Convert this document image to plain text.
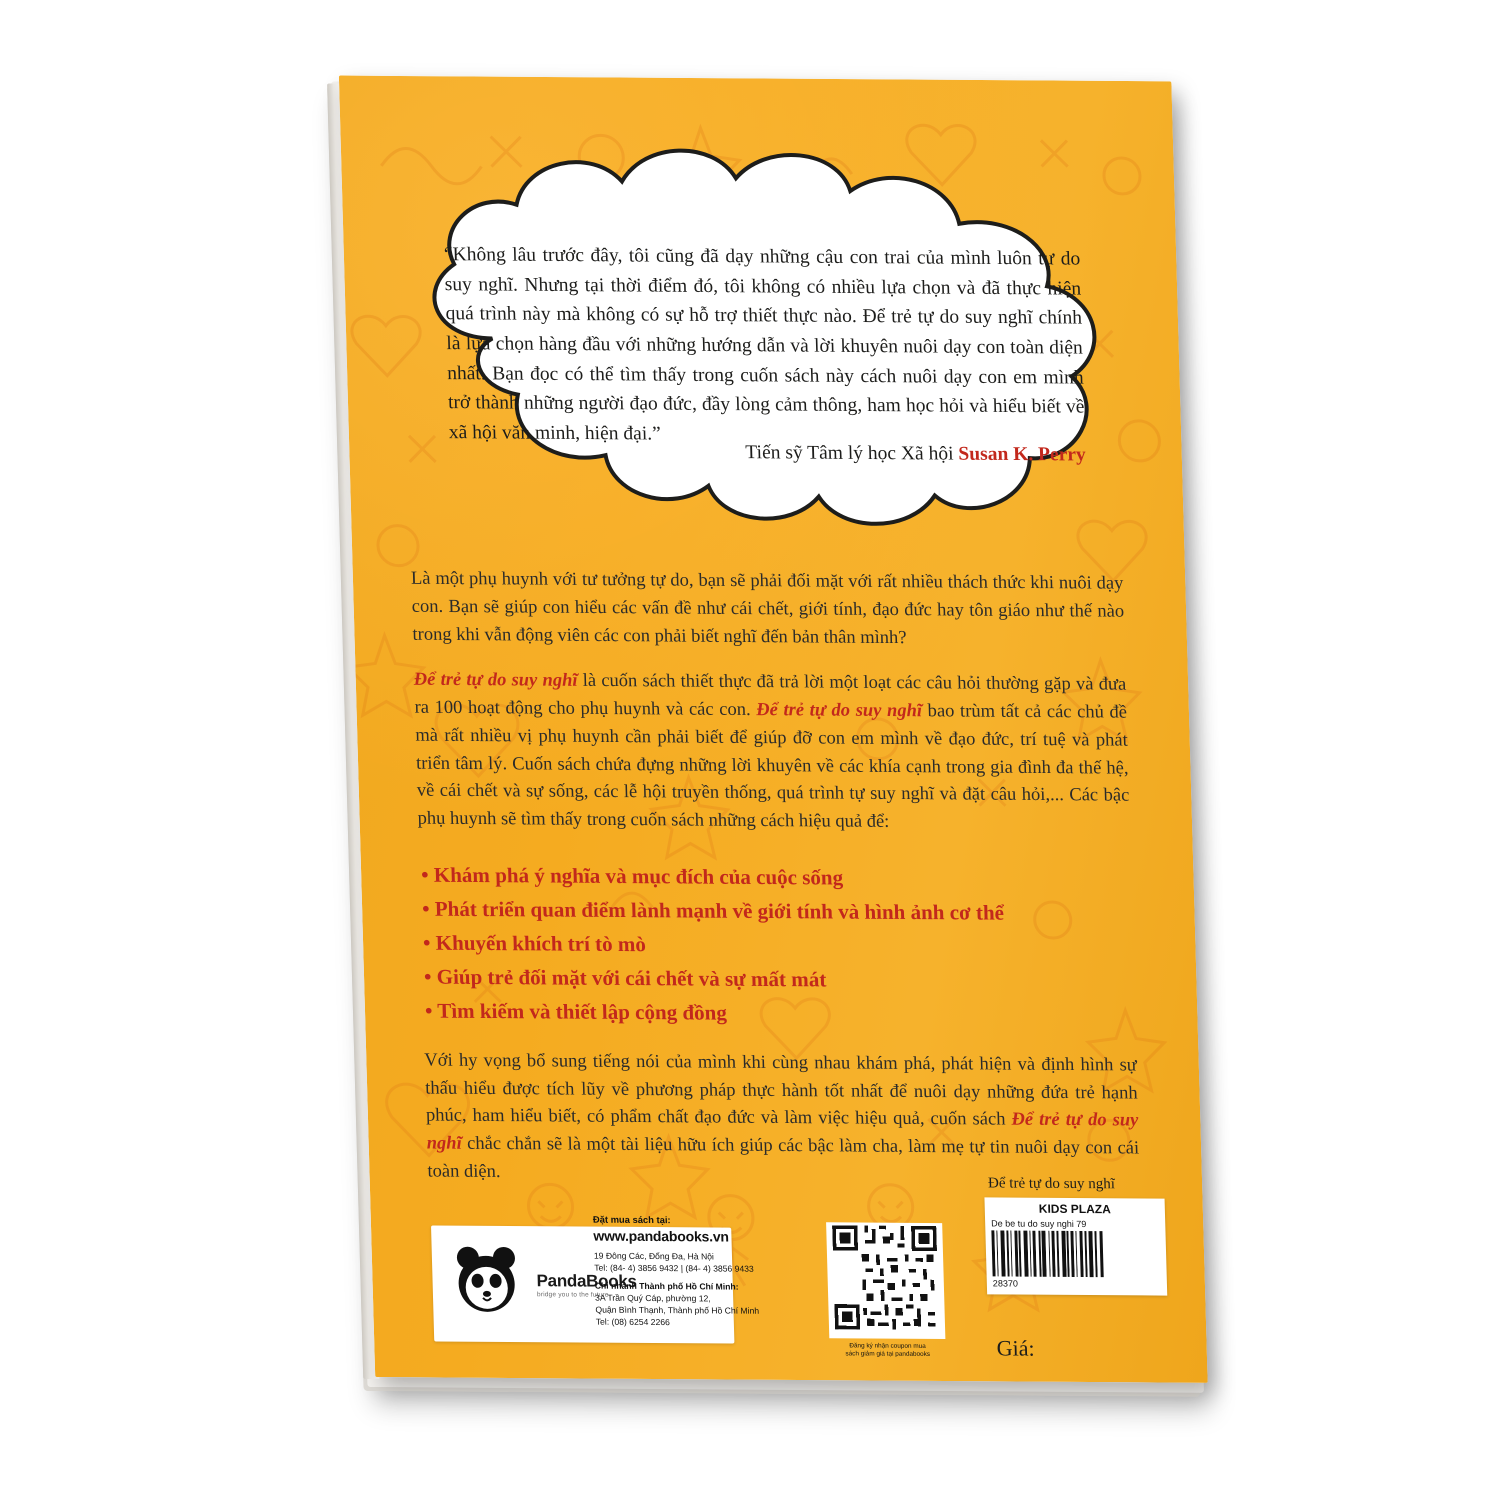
“Không lâu trước đây, tôi cũng đã dạy những cậu con trai của mình luôn tự do suy nghĩ. Nhưng tại thời điểm đó, tôi không có nhiều lựa chọn và đã thực hiện quá trình này mà không có sự hỗ trợ thiết thực nào. Để trẻ tự do suy nghĩ chính là lựa chọn hàng đầu với những hướng dẫn và lời khuyên nuôi dạy con toàn diện nhất. Bạn đọc có thể tìm thấy trong cuốn sách này cách nuôi dạy con em mình trở thành những người đạo đức, đầy lòng cảm thông, ham học hỏi và hiểu biết về xã hội văn minh, hiện đại.”
Tiến sỹ Tâm lý học Xã hội Susan K. Perry

Là một phụ huynh với tư tưởng tự do, bạn sẽ phải đối mặt với rất nhiều thách thức khi nuôi dạy con. Bạn sẽ giúp con hiểu các vấn đề như cái chết, giới tính, đạo đức hay tôn giáo như thế nào trong khi vẫn động viên các con phải biết nghĩ đến bản thân mình?

Để trẻ tự do suy nghĩ là cuốn sách thiết thực đã trả lời một loạt các câu hỏi thường gặp và đưa ra 100 hoạt động cho phụ huynh và các con. Để trẻ tự do suy nghĩ bao trùm tất cả các chủ đề mà rất nhiều vị phụ huynh cần phải biết để giúp đỡ con em mình về đạo đức, trí tuệ và phát triển tâm lý. Cuốn sách chứa đựng những lời khuyên về các khía cạnh trong gia đình đa thế hệ, về cái chết và sự sống, các lễ hội truyền thống, quá trình tự suy nghĩ và đặt câu hỏi,... Các bậc phụ huynh sẽ tìm thấy trong cuốn sách những cách hiệu quả để:

• Khám phá ý nghĩa và mục đích của cuộc sống
• Phát triển quan điểm lành mạnh về giới tính và hình ảnh cơ thể
• Khuyến khích trí tò mò
• Giúp trẻ đối mặt với cái chết và sự mất mát
• Tìm kiếm và thiết lập cộng đồng

Với hy vọng bổ sung tiếng nói của mình khi cùng nhau khám phá, phát hiện và định hình sự thấu hiểu được tích lũy về phương pháp thực hành tốt nhất để nuôi dạy những đứa trẻ hạnh phúc, ham hiểu biết, có phẩm chất đạo đức và làm việc hiệu quả, cuốn sách Để trẻ tự do suy nghĩ chắc chắn sẽ là một tài liệu hữu ích giúp các bậc làm cha, làm mẹ tự tin nuôi dạy con cái toàn diện.

PandaBooks
bridge you to the future
Đặt mua sách tại:
www.pandabooks.vn
19 Đông Các, Đống Đa, Hà Nội
Tel: (84- 4) 3856 9432 | (84- 4) 3856 9433
Chi nhánh Thành phố Hồ Chí Minh:
3A Trần Quý Cáp, phường 12,
Quận Bình Thạnh, Thành phố Hồ Chí Minh
Tel: (08) 6254 2266
Đăng ký nhận coupon mua
sách giảm giá tại pandabooks
Để trẻ tự do suy nghĩ
KIDS PLAZA
De be tu do suy nghi 79
28370
Giá:
